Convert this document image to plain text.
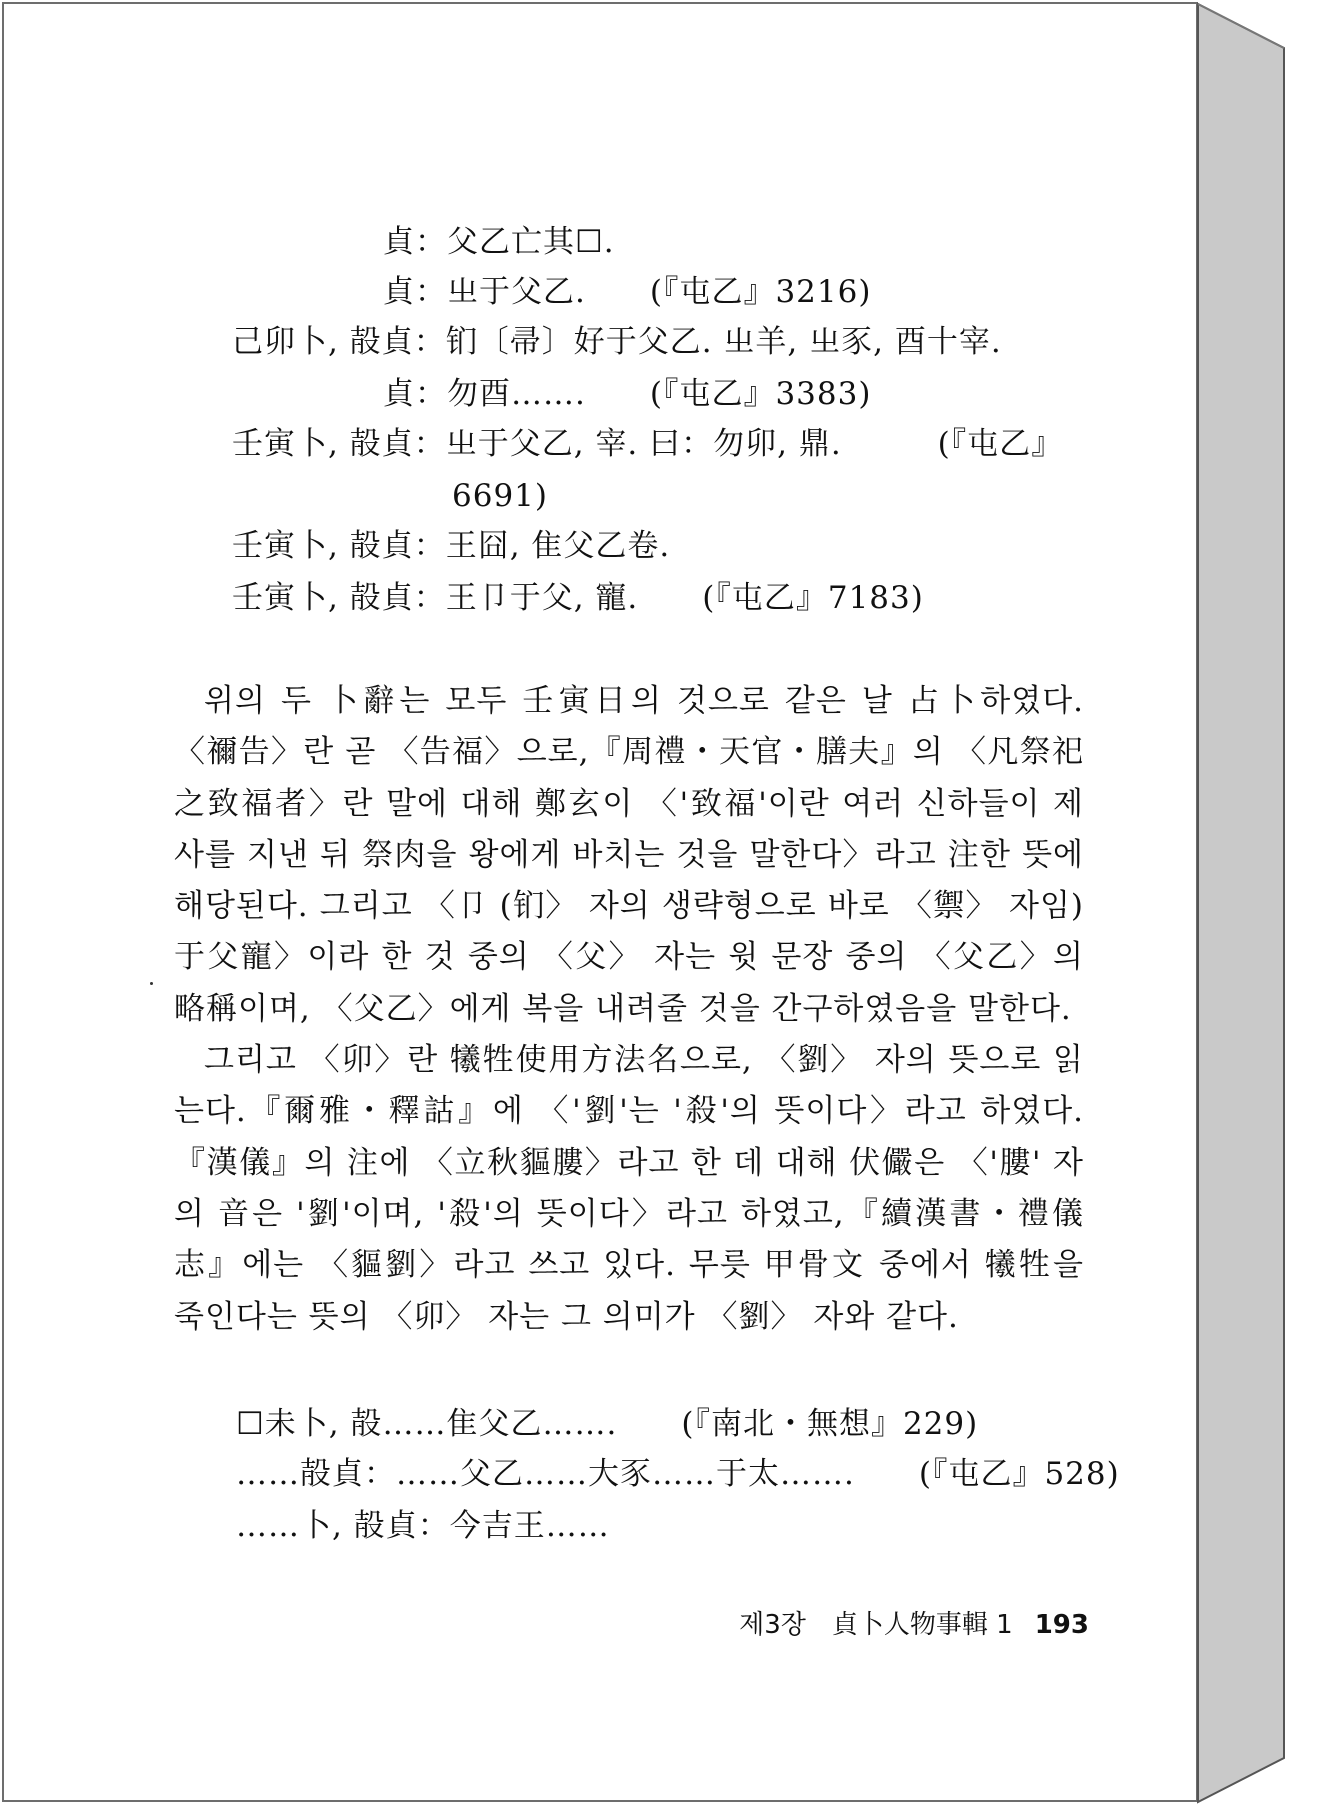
貞：父乙亡其☐.
貞：㞢于父乙.　　(『屯乙』3216)
己卯卜, 㱿貞：钔〔帚〕好于父乙. 㞢羊, 㞢豕, 酉十宰.
貞：勿酉…….　　(『屯乙』3383)
壬寅卜, 㱿貞：㞢于父乙, 宰. 曰：勿卯, 鼎.　　　(『屯乙』
6691)
壬寅卜, 㱿貞：王囧, 隹父乙卷.
壬寅卜, 㱿貞：王卩于父, 寵.　　(『屯乙』7183)

위의 두 卜辭는 모두 壬寅日의 것으로 같은 날 占卜하였다. 〈禰告〉란 곧 〈告福〉으로,『周禮・天官・膳夫』의 〈凡祭祀之致福者〉란 말에 대해 鄭玄이 〈'致福'이란 여러 신하들이 제사를 지낸 뒤 祭肉을 왕에게 바치는 것을 말한다〉라고 注한 뜻에 해당된다. 그리고 〈卩 (钔〉 자의 생략형으로 바로 〈禦〉 자임)于父寵〉이라 한 것 중의 〈父〉 자는 윗 문장 중의 〈父乙〉의 略稱이며, 〈父乙〉에게 복을 내려줄 것을 간구하였음을 말한다.

그리고 〈卯〉란 犧牲使用方法名으로, 〈劉〉 자의 뜻으로 읽는다.『爾雅・釋詁』에 〈'劉'는 '殺'의 뜻이다〉라고 하였다.『漢儀』의 注에 〈立秋貙膢〉라고 한 데 대해 伏儼은 〈'膢' 자의 音은 '劉'이며, '殺'의 뜻이다〉라고 하였고,『續漢書・禮儀志』에는 〈貙劉〉라고 쓰고 있다. 무릇 甲骨文 중에서 犧牲을 죽인다는 뜻의 〈卯〉 자는 그 의미가 〈劉〉 자와 같다.

☐未卜, 㱿……隹父乙…….　　(『南北・無想』229)
……㱿貞：……父乙……大豕……于太…….　　(『屯乙』528)
……卜, 㱿貞：今吉王……
제3장　貞卜人物事輯 1 193
